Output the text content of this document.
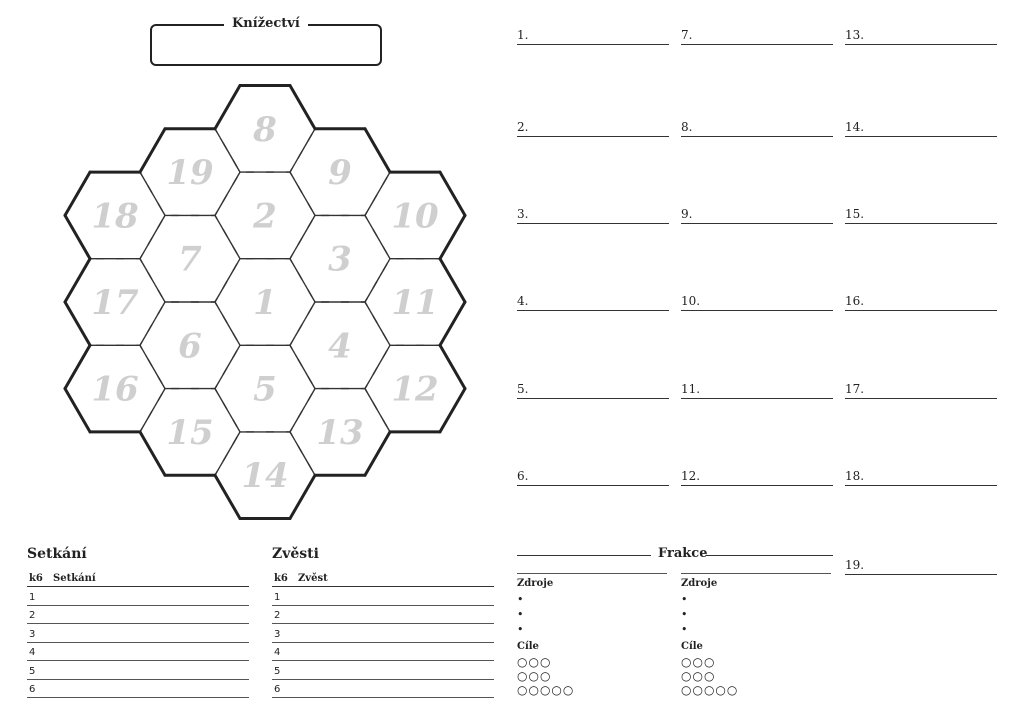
Knížectví
1
2
3
4
5
6
7
8
9
10
11
12
13
14
15
16
17
18
19
1.
2.
3.
4.
5.
6.
7.
8.
9.
10.
11.
12.
13.
14.
15.
16.
17.
18.
19.
Setkání
k6 Setkání
1
2
3
4
5
6
Zvěsti
k6 Zvěst
1
2
3
4
5
6
Frakce
Zdroje
•
•
•
Cíle
○○○
○○○
○○○○○
Zdroje
•
•
•
Cíle
○○○
○○○
○○○○○
